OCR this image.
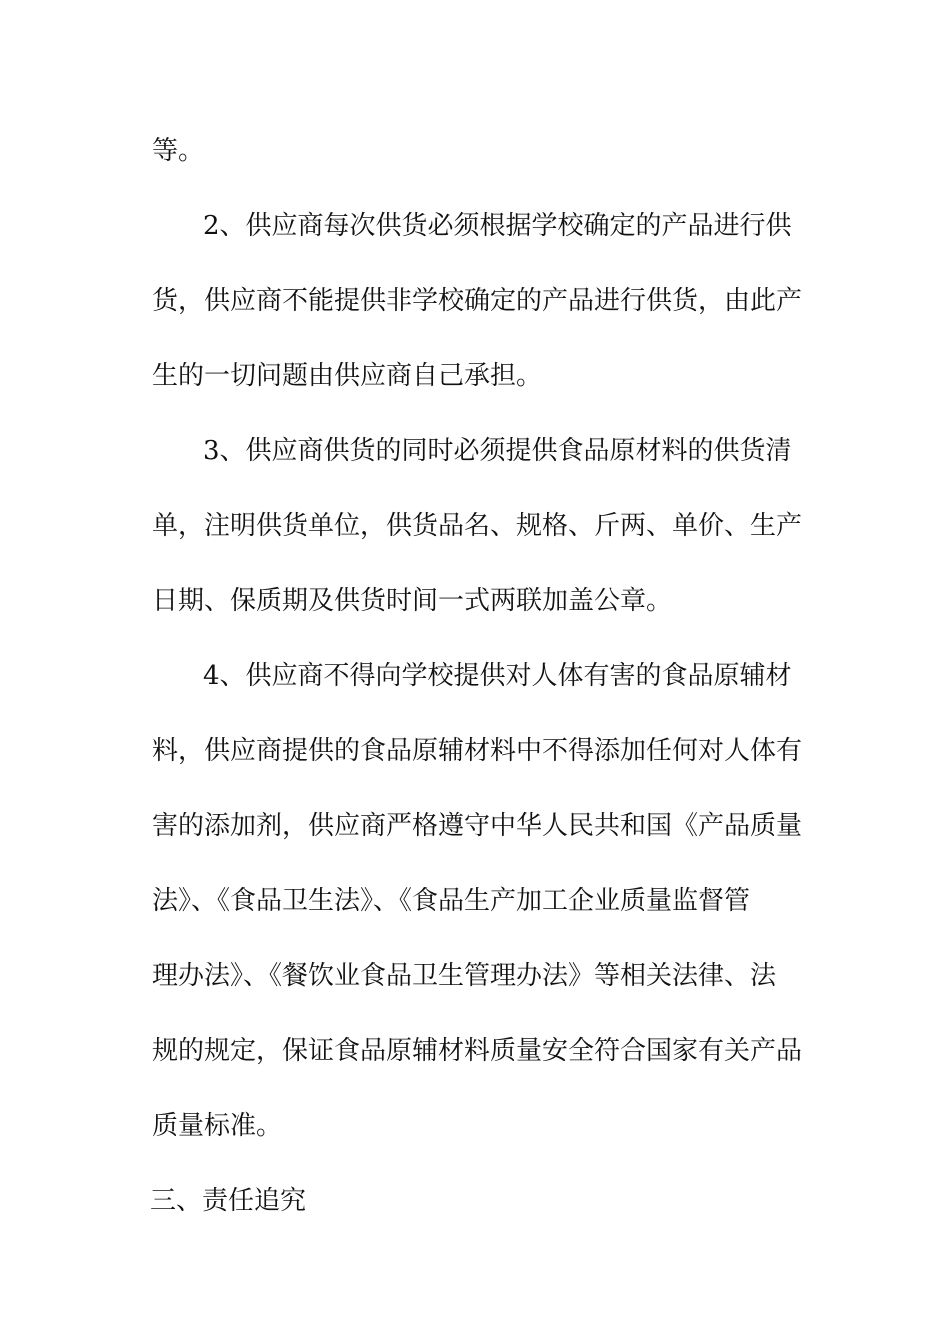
等。

2、供应商每次供货必须根据学校确定的产品进行供

货，供应商不能提供非学校确定的产品进行供货，由此产

生的一切问题由供应商自己承担。

3、供应商供货的同时必须提供食品原材料的供货清

单，注明供货单位，供货品名、规格、斤两、单价、生产

日期、保质期及供货时间一式两联加盖公章。

4、供应商不得向学校提供对人体有害的食品原辅材

料，供应商提供的食品原辅材料中不得添加任何对人体有

害的添加剂，供应商严格遵守中华人民共和国《产品质量

法》、《食品卫生法》、《食品生产加工企业质量监督管

理办法》、《餐饮业食品卫生管理办法》等相关法律、法

规的规定，保证食品原辅材料质量安全符合国家有关产品

质量标准。

三、责任追究
